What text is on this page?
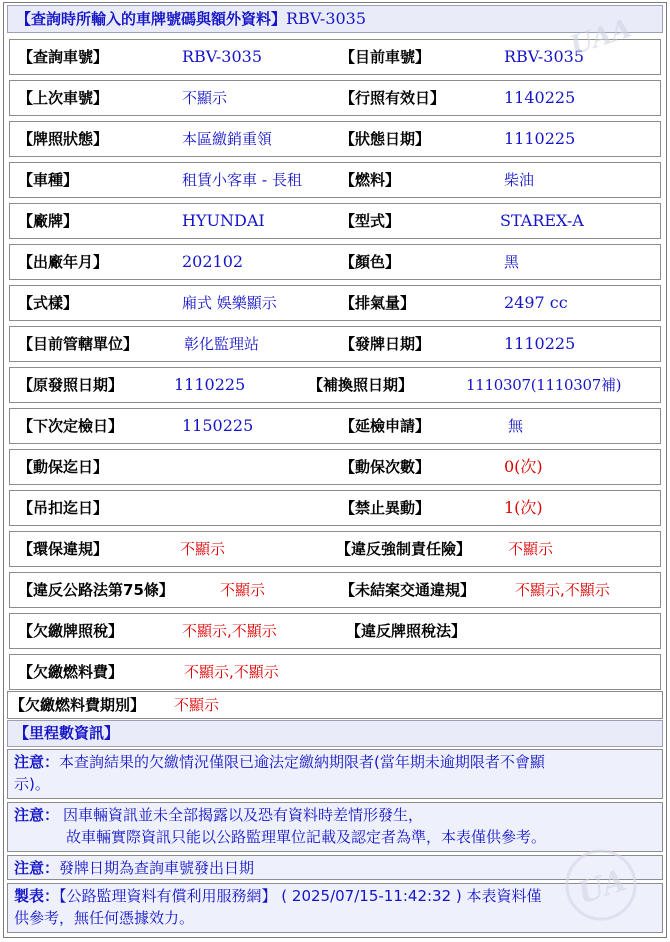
【查詢時所輸入的車牌號碼與額外資料】RBV-3035
【查詢車號】	RBV-3035	【目前車號】	RBV-3035
【上次車號】	不顯示	【行照有效日】	1140225
【牌照狀態】	本區繳銷重領	【狀態日期】	1110225
【車種】	租賃小客車 - 長租	【燃料】	柴油
【廠牌】	HYUNDAI	【型式】	STAREX-A
【出廠年月】	202102	【顏色】	黑
【式樣】	廂式 娛樂顯示	【排氣量】	2497 cc
【目前管轄單位】	彰化監理站	【發牌日期】	1110225
【原發照日期】	1110225	【補換照日期】	1110307(1110307補)
【下次定檢日】	1150225	【延檢申請】	無
【動保迄日】	【動保次數】	0(次)
【吊扣迄日】	【禁止異動】	1(次)
【環保違規】	不顯示	【違反強制責任險】 不顯示
【違反公路法第75條】	不顯示	【未結案交通違規】	不顯示,不顯示
【欠繳牌照稅】	不顯示,不顯示	【違反牌照稅法】
【欠繳燃料費】	不顯示,不顯示
【欠繳燃料費期別】 不顯示
【里程數資訊】
注意：本查詢結果的欠繳情況僅限已逾法定繳納期限者(當年期未逾期限者不會顯
示)。
注意： 因車輛資訊並未全部揭露以及恐有資料時差情形發生，
故車輛實際資訊只能以公路監理單位記載及認定者為準，本表僅供參考。
注意：發牌日期為查詢車號發出日期
製表：【公路監理資料有償利用服務網】 ( 2025/07/15-11:42:32 ) 本表資料僅
供參考，無任何憑據效力。
UAA
UA
